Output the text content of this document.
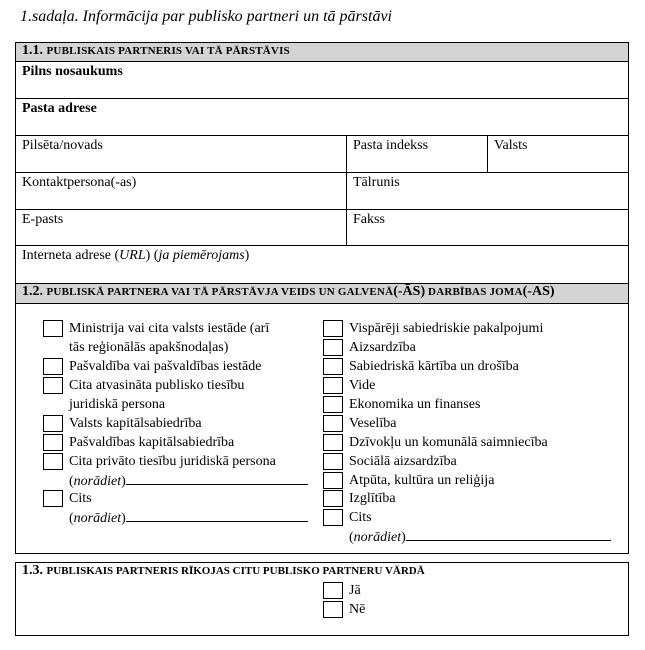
1.sadaļa. Informācija par publisko partneri un tā pārstāvi
1.1. PUBLISKAIS PARTNERIS VAI TĀ PĀRSTĀVIS
Pilns nosaukums
Pasta adrese
Pilsēta/novads	Pasta indekss	Valsts
Kontaktpersona(-as)	Tālrunis
E-pasts	Fakss
Interneta adrese (URL) (ja piemērojams)
1.2. PUBLISKĀ PARTNERA VAI TĀ PĀRSTĀVJA VEIDS UN GALVENĀ(-ĀS) DARBĪBAS JOMA(-AS)
Ministrija vai cita valsts iestāde (arī
tās reģionālās apakšnodaļas)
Pašvaldība vai pašvaldības iestāde
Cita atvasināta publisko tiesību
juridiskā persona
Valsts kapitālsabiedrība
Pašvaldības kapitālsabiedrība
Cita privāto tiesību juridiskā persona
(norādiet)
Cits
(norādiet)
Vispārēji sabiedriskie pakalpojumi
Aizsardzība
Sabiedriskā kārtība un drošība
Vide
Ekonomika un finanses
Veselība
Dzīvokļu un komunālā saimniecība
Sociālā aizsardzība
Atpūta, kultūra un reliģija
Izglītība
Cits
(norādiet)
1.3. PUBLISKAIS PARTNERIS RĪKOJAS CITU PUBLISKO PARTNERU VĀRDĀ
Jā
Nē
